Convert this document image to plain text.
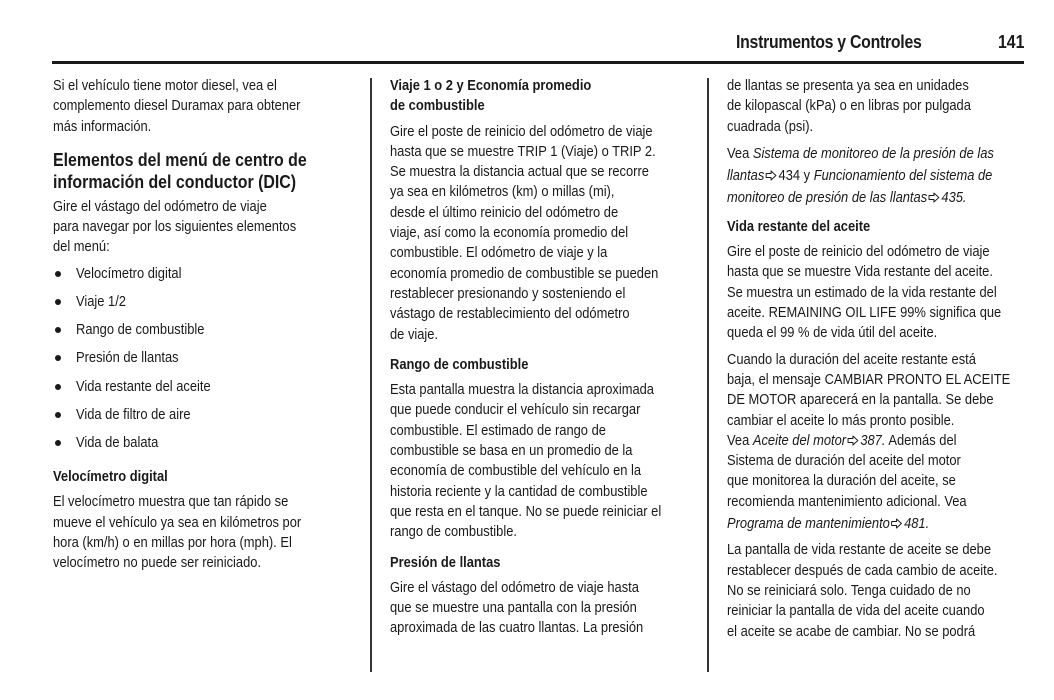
Instrumentos y Controles	141
Si el vehículo tiene motor diesel, vea el
complemento diesel Duramax para obtener
más información.
Elementos del menú de centro de
información del conductor (DIC)
Gire el vástago del odómetro de viaje
para navegar por los siguientes elementos
del menú:
Velocímetro digital
Viaje 1/2
Rango de combustible
Presión de llantas
Vida restante del aceite
Vida de filtro de aire
Vida de balata
Velocímetro digital
El velocímetro muestra que tan rápido se
mueve el vehículo ya sea en kilómetros por
hora (km/h) o en millas por hora (mph). El
velocímetro no puede ser reiniciado.
Viaje 1 o 2 y Economía promedio
de combustible
Gire el poste de reinicio del odómetro de viaje
hasta que se muestre TRIP 1 (Viaje) o TRIP 2.
Se muestra la distancia actual que se recorre
ya sea en kilómetros (km) o millas (mi),
desde el último reinicio del odómetro de
viaje, así como la economía promedio del
combustible. El odómetro de viaje y la
economía promedio de combustible se pueden
restablecer presionando y sosteniendo el
vástago de restablecimiento del odómetro
de viaje.
Rango de combustible
Esta pantalla muestra la distancia aproximada
que puede conducir el vehículo sin recargar
combustible. El estimado de rango de
combustible se basa en un promedio de la
economía de combustible del vehículo en la
historia reciente y la cantidad de combustible
que resta en el tanque. No se puede reiniciar el
rango de combustible.
Presión de llantas
Gire el vástago del odómetro de viaje hasta
que se muestre una pantalla con la presión
aproximada de las cuatro llantas. La presión
de llantas se presenta ya sea en unidades
de kilopascal (kPa) o en libras por pulgada
cuadrada (psi).
Vea Sistema de monitoreo de la presión de las
llantas 434 y Funcionamiento del sistema de
monitoreo de presión de las llantas 435.
Vida restante del aceite
Gire el poste de reinicio del odómetro de viaje
hasta que se muestre Vida restante del aceite.
Se muestra un estimado de la vida restante del
aceite. REMAINING OIL LIFE 99% significa que
queda el 99 % de vida útil del aceite.
Cuando la duración del aceite restante está
baja, el mensaje CAMBIAR PRONTO EL ACEITE
DE MOTOR aparecerá en la pantalla. Se debe
cambiar el aceite lo más pronto posible.
Vea Aceite del motor 387. Además del
Sistema de duración del aceite del motor
que monitorea la duración del aceite, se
recomienda mantenimiento adicional. Vea
Programa de mantenimiento 481.
La pantalla de vida restante de aceite se debe
restablecer después de cada cambio de aceite.
No se reiniciará solo. Tenga cuidado de no
reiniciar la pantalla de vida del aceite cuando
el aceite se acabe de cambiar. No se podrá
